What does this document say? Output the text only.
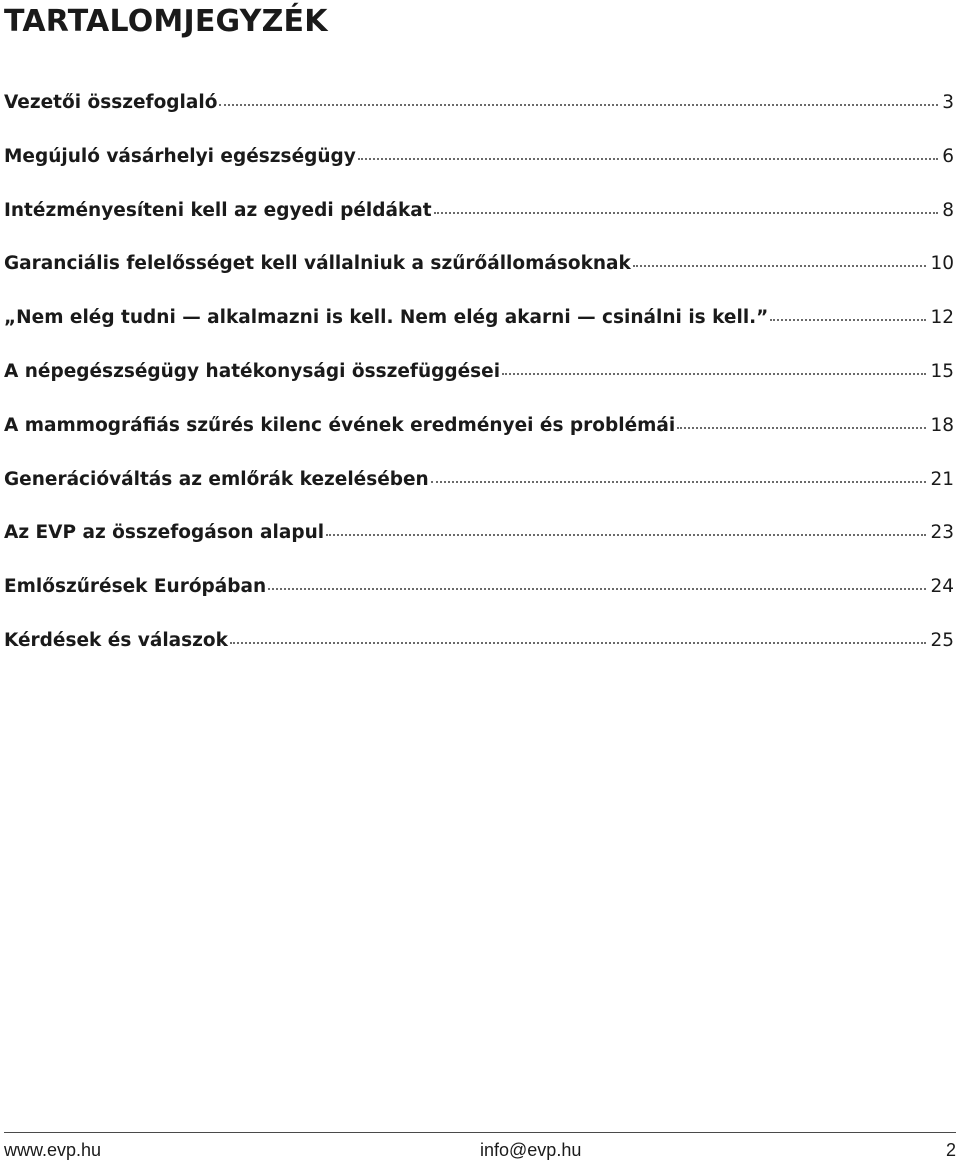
TARTALOMJEGYZÉK
Vezetői összefoglaló	3
Megújuló vásárhelyi egészségügy	6
Intézményesíteni kell az egyedi példákat	8
Garanciális felelősséget kell vállalniuk a szűrőállomásoknak	10
„Nem elég tudni — alkalmazni is kell. Nem elég akarni — csinálni is kell.”	12
A népegészségügy hatékonysági összefüggései	15
A mammográfiás szűrés kilenc évének eredményei és problémái	18
Generációváltás az emlőrák kezelésében	21
Az EVP az összefogáson alapul	23
Emlőszűrések Európában	24
Kérdések és válaszok	25
www.evp.hu	info@evp.hu	2
